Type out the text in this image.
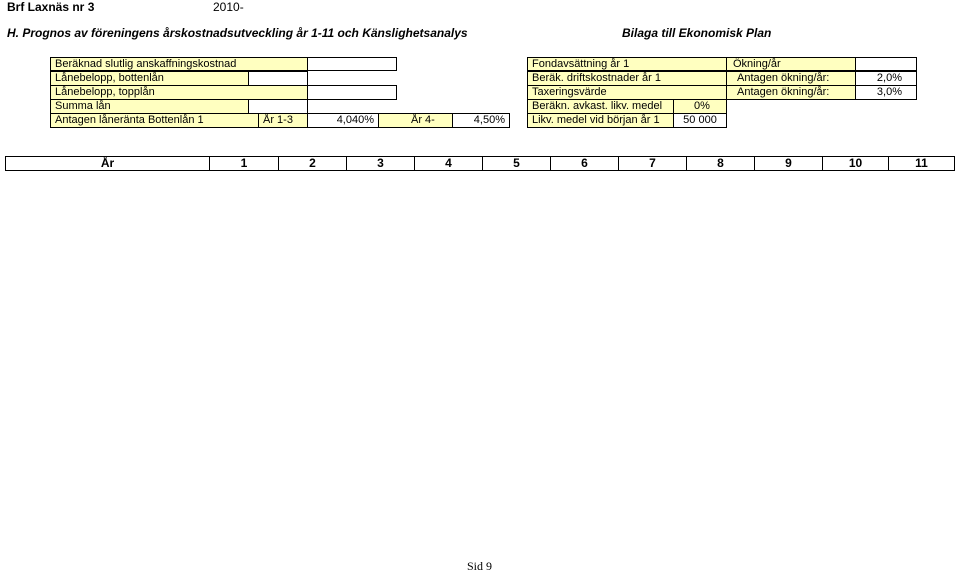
Brf Laxnäs nr 3	2010-
H. Prognos av föreningens årskostnadsutveckling år 1-11 och Känslighetsanalys	Bilaga till Ekonomisk Plan
Beräknad slutlig anskaffningskostnad
Lånebelopp, bottenlån
Lånebelopp, topplån
Summa lån
Antagen låneränta Bottenlån 1	År 1-3	4,040%	År 4-	4,50%
Fondavsättning år 1	Ökning/år
Beräk. driftskostnader år 1	Antagen ökning/år:	2,0%
Taxeringsvärde	Antagen ökning/år:	3,0%
Beräkn. avkast. likv. medel	0%
Likv. medel vid början år 1	50 000
År	1	2	3	4	5	6	7	8	9	10	11
Sid 9
